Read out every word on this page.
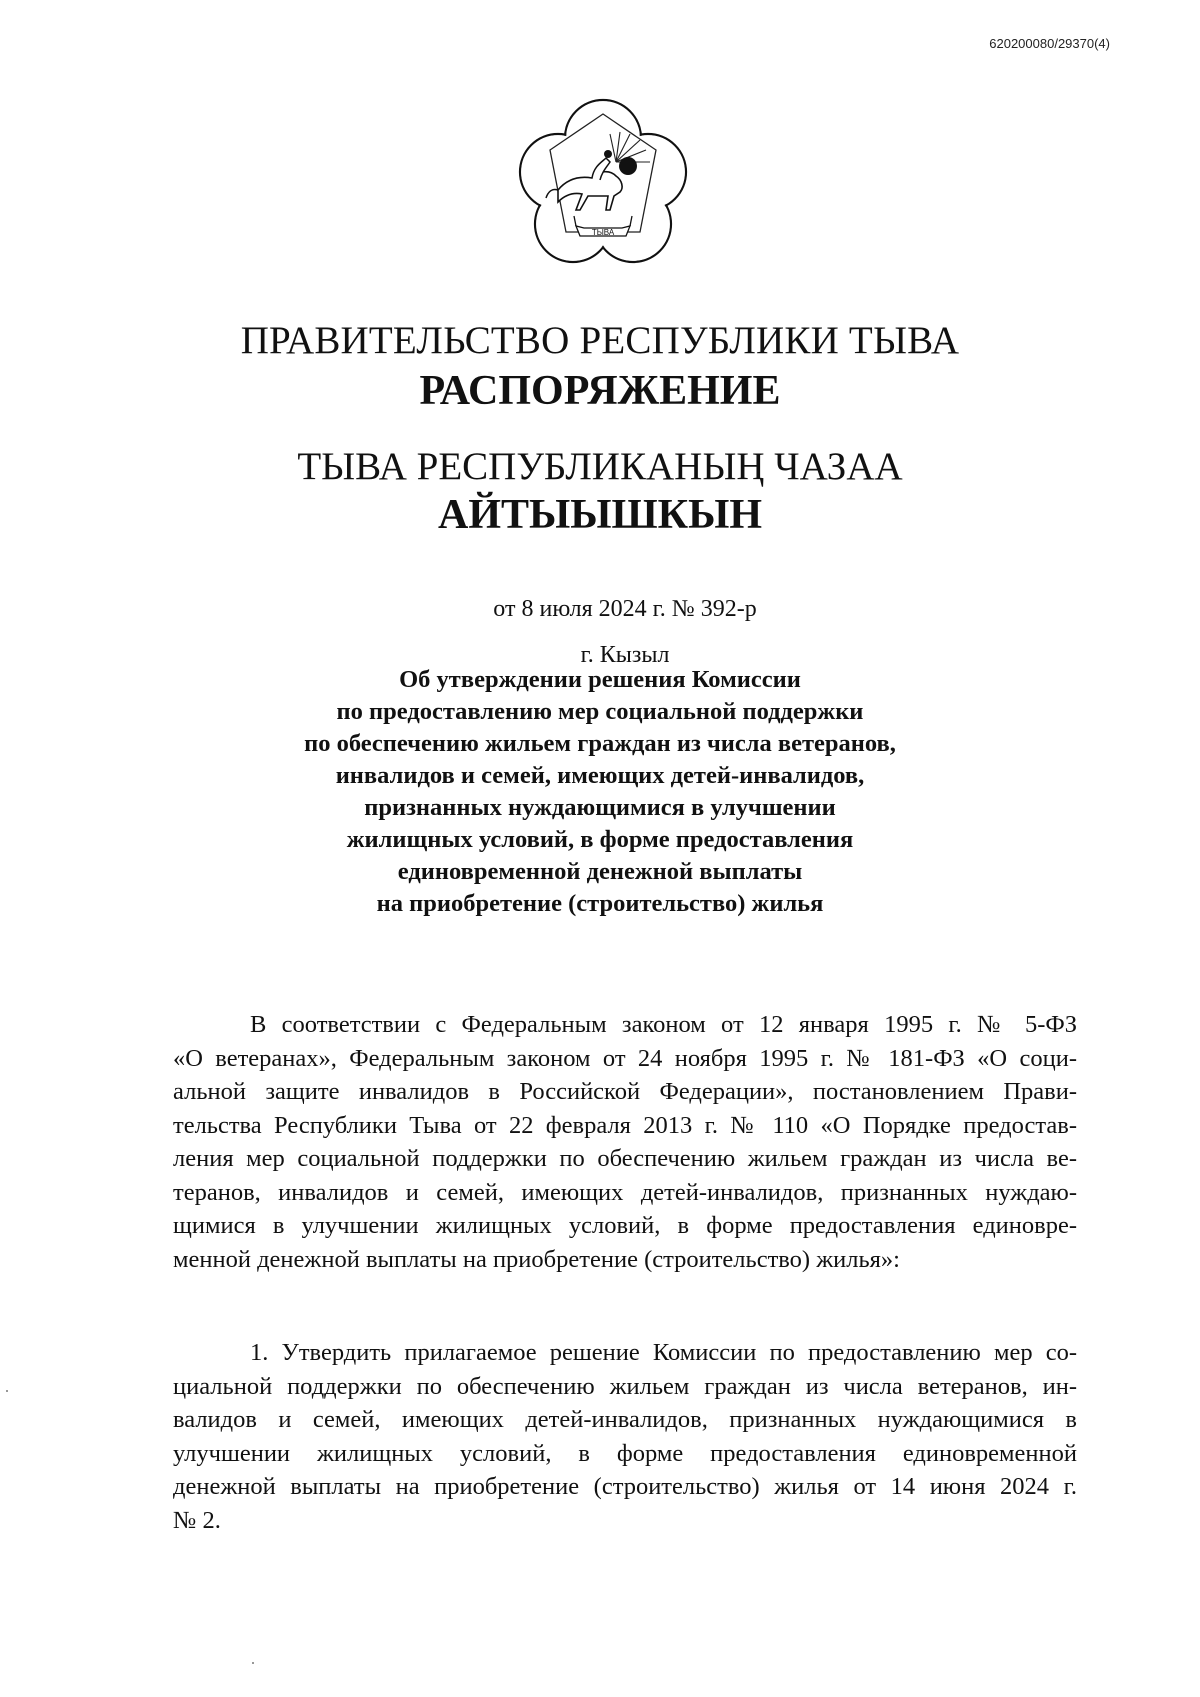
620200080/29370(4)
ТЫВА
ПРАВИТЕЛЬСТВО РЕСПУБЛИКИ ТЫВА
РАСПОРЯЖЕНИЕ
ТЫВА РЕСПУБЛИКАНЫҢ ЧАЗАА
АЙТЫЫШКЫН
от 8 июля 2024 г. № 392-р
г. Кызыл
Об утверждении решения Комиссии
по предоставлению мер социальной поддержки
по обеспечению жильем граждан из числа ветеранов,
инвалидов и семей, имеющих детей-инвалидов,
признанных нуждающимися в улучшении
жилищных условий, в форме предоставления
единовременной денежной выплаты
на приобретение (строительство) жилья
В соответствии с Федеральным законом от 12 января 1995 г. № 5-ФЗ
«О ветеранах», Федеральным законом от 24 ноября 1995 г. № 181-ФЗ «О соци-
альной защите инвалидов в Российской Федерации», постановлением Прави-
тельства Республики Тыва от 22 февраля 2013 г. № 110 «О Порядке предостав-
ления мер социальной поддержки по обеспечению жильем граждан из числа ве-
теранов, инвалидов и семей, имеющих детей-инвалидов, признанных нуждаю-
щимися в улучшении жилищных условий, в форме предоставления единовре-
менной денежной выплаты на приобретение (строительство) жилья»:
1. Утвердить прилагаемое решение Комиссии по предоставлению мер со-
циальной поддержки по обеспечению жильем граждан из числа ветеранов, ин-
валидов и семей, имеющих детей-инвалидов, признанных нуждающимися в
улучшении жилищных условий, в форме предоставления единовременной
денежной выплаты на приобретение (строительство) жилья от 14 июня 2024 г.
№ 2.
